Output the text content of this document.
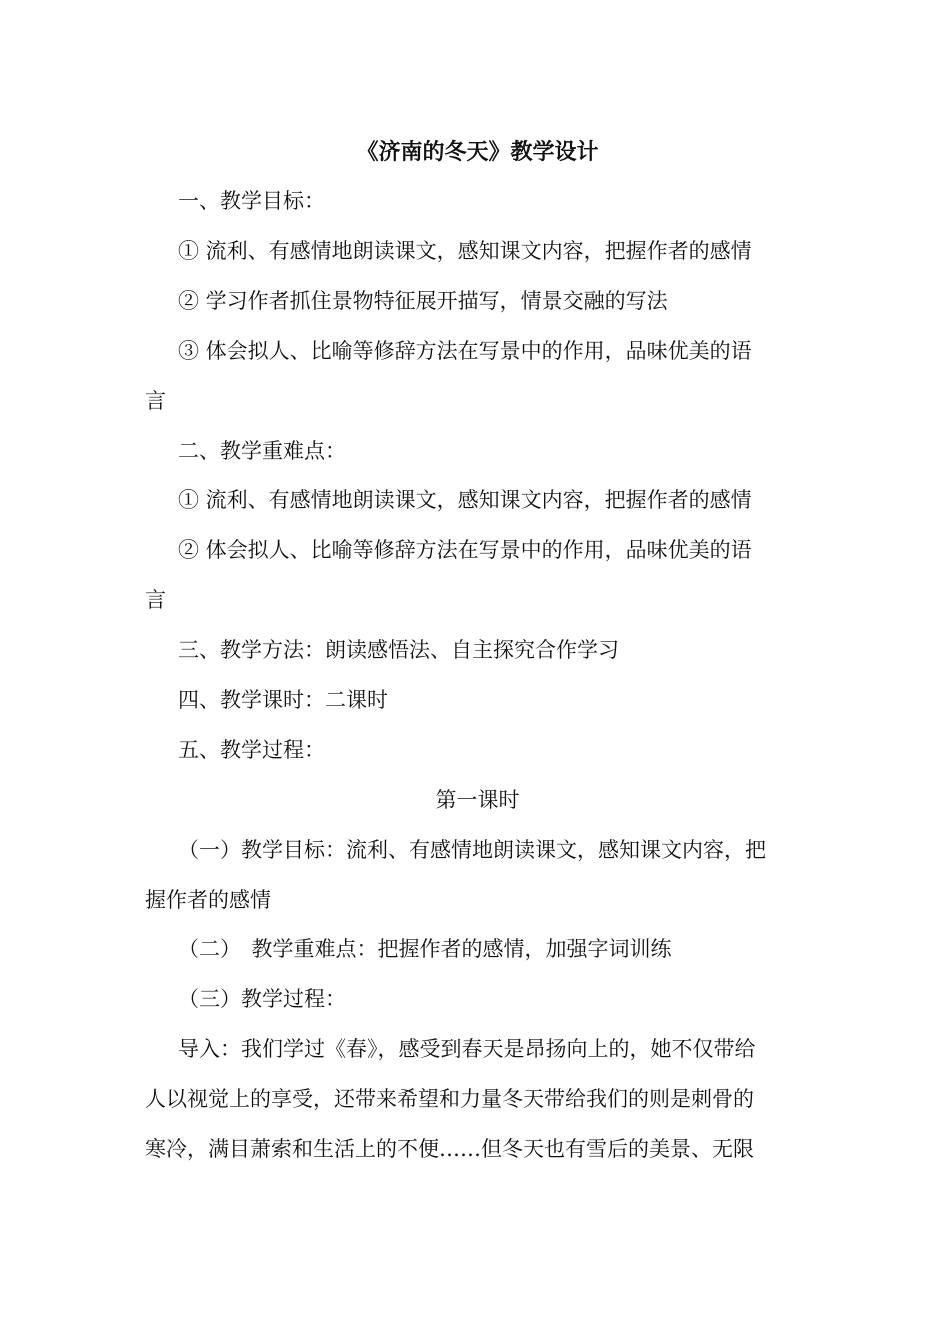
《济南的冬天》教学设计
一、教学目标：
① 流利、有感情地朗读课文，感知课文内容，把握作者的感情
② 学习作者抓住景物特征展开描写，情景交融的写法
③ 体会拟人、比喻等修辞方法在写景中的作用，品味优美的语
言
二、教学重难点：
① 流利、有感情地朗读课文，感知课文内容，把握作者的感情
② 体会拟人、比喻等修辞方法在写景中的作用，品味优美的语
言
三、教学方法：朗读感悟法、自主探究合作学习
四、教学课时：二课时
五、教学过程：
第一课时
（一）教学目标：流利、有感情地朗读课文，感知课文内容，把
握作者的感情
（二）　教学重难点：把握作者的感情，加强字词训练
（三）教学过程：
导入：我们学过《春》，感受到春天是昂扬向上的，她不仅带给
人以视觉上的享受，还带来希望和力量冬天带给我们的则是刺骨的
寒冷，满目萧索和生活上的不便……但冬天也有雪后的美景、无限
